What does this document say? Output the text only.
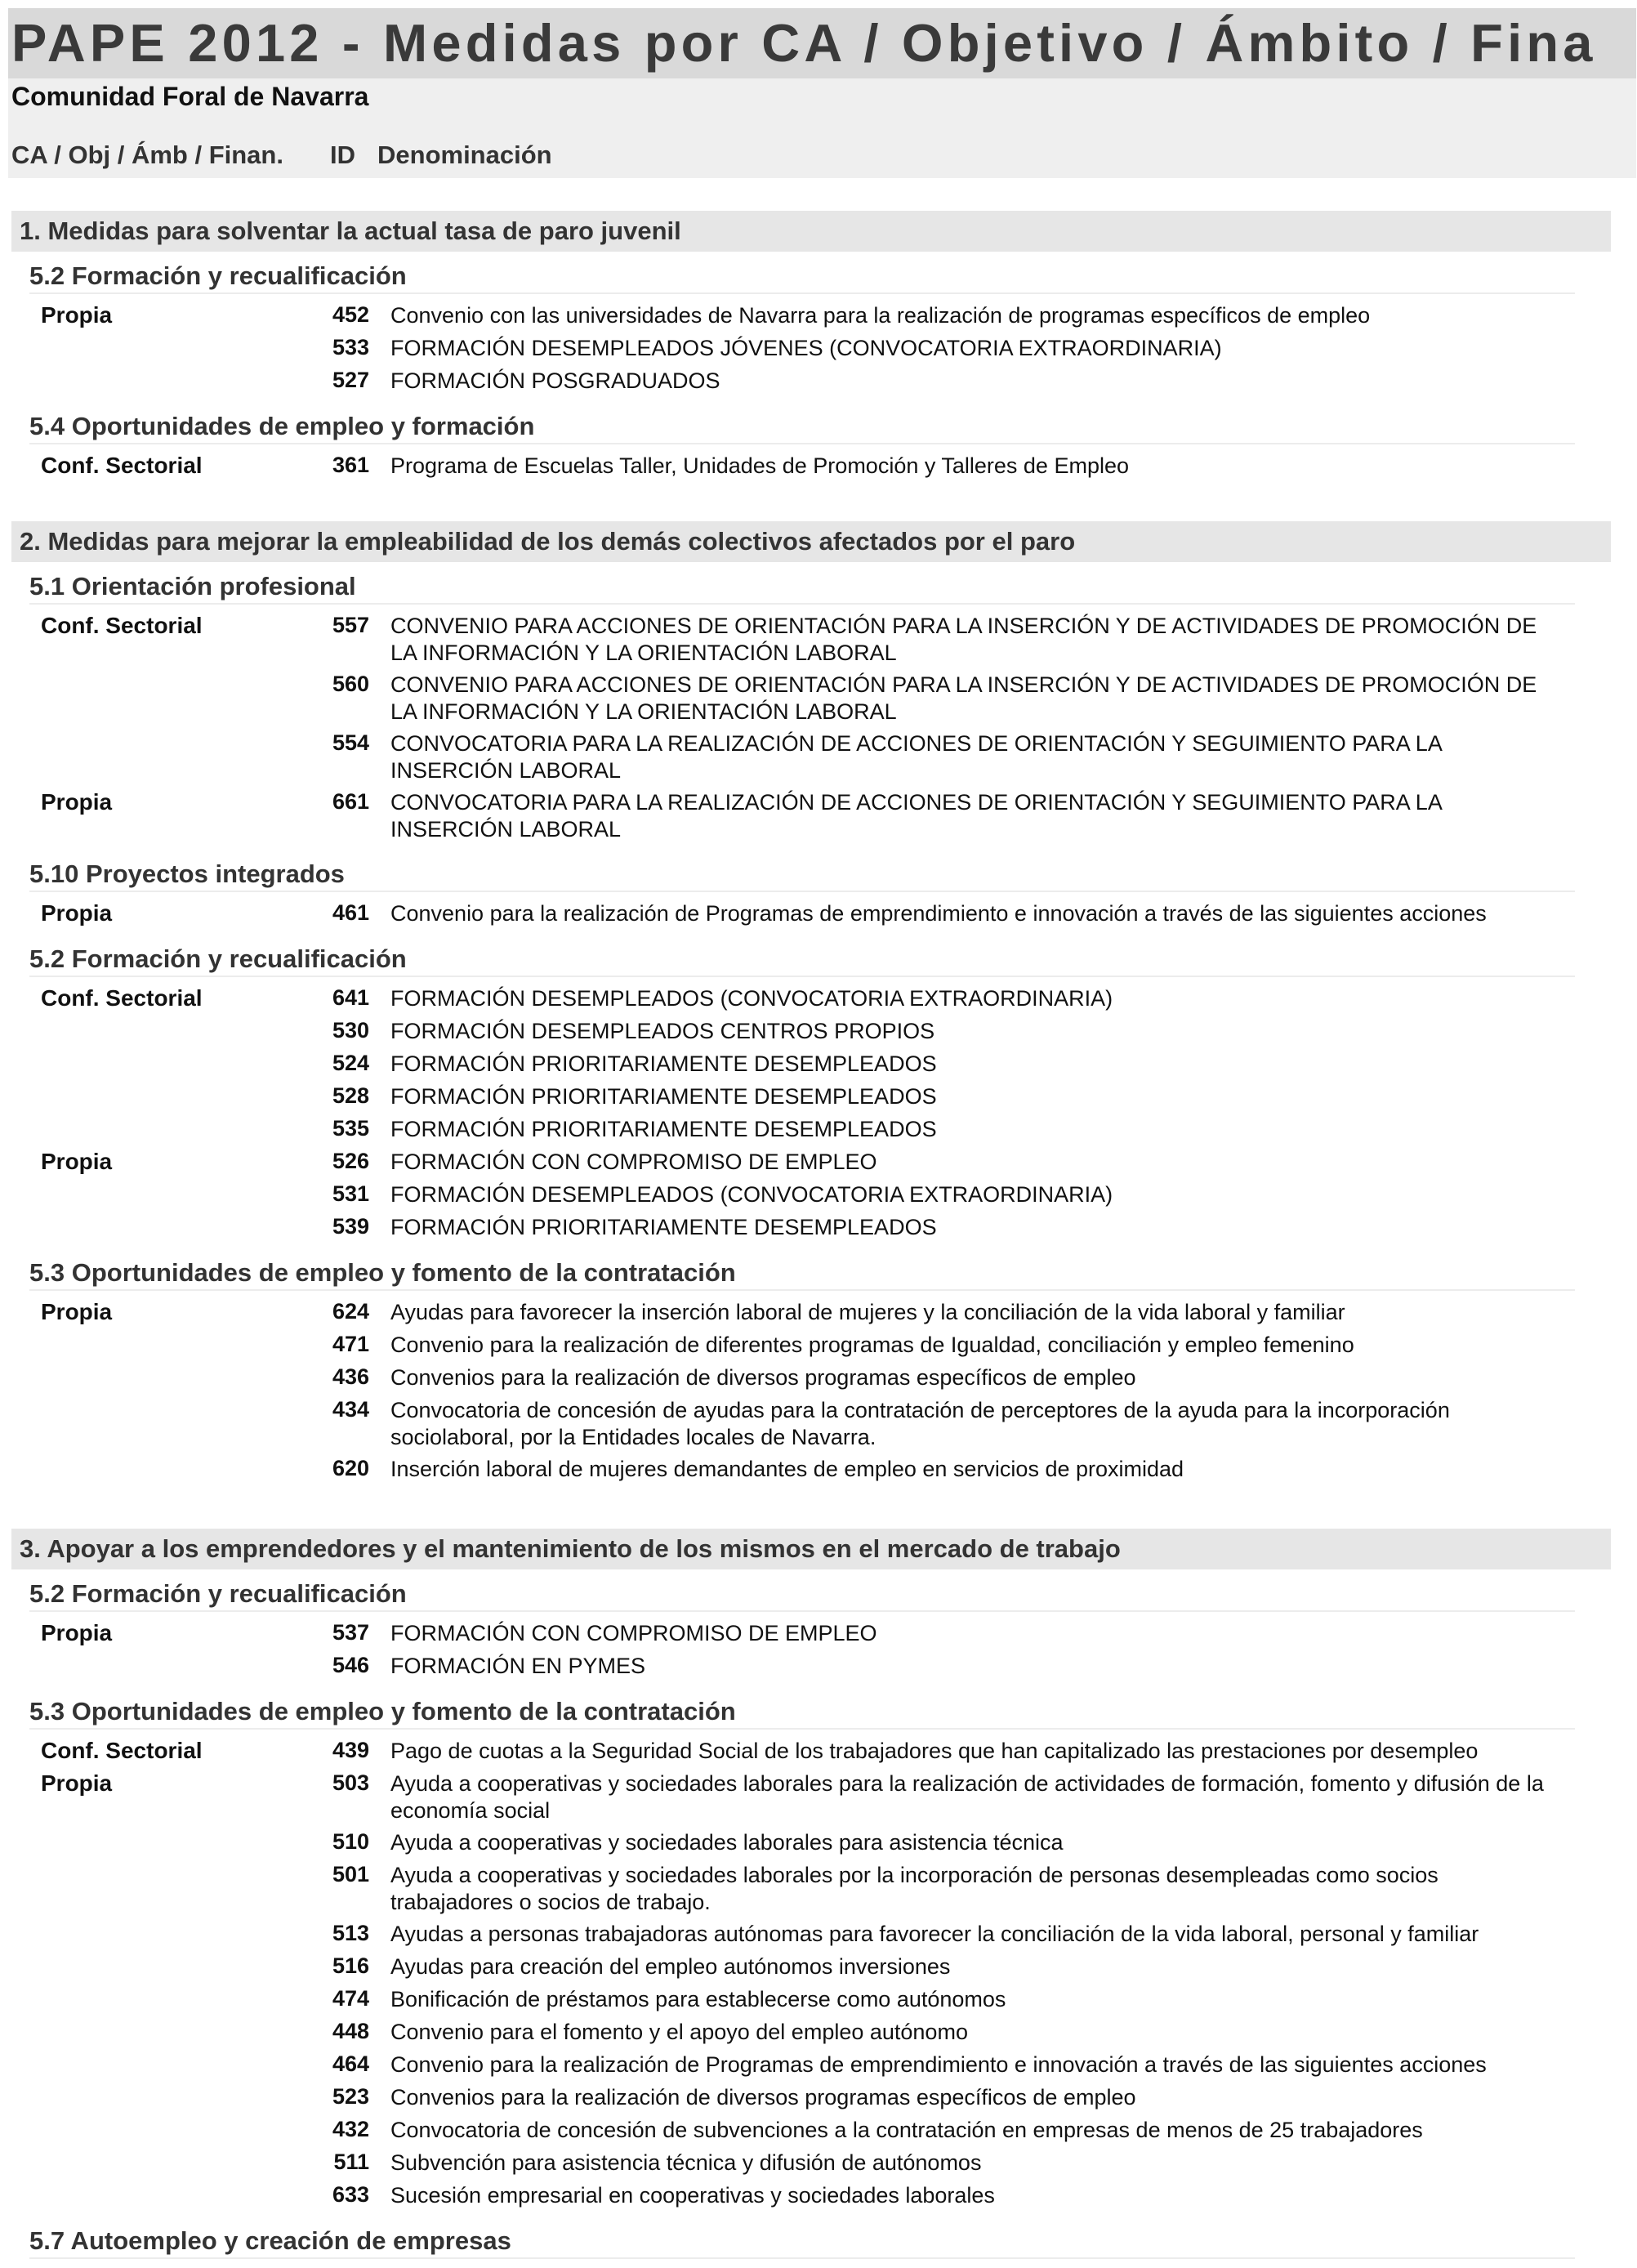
PAPE 2012 - Medidas por CA / Objetivo / Ámbito / Fina
Comunidad Foral de Navarra
CA / Obj / Ámb / Finan. ID Denominación
1. Medidas para solventar la actual tasa de paro juvenil
5.2 Formación y recualificación
Propia	452 Convenio con las universidades de Navarra para la realización de programas específicos de empleo
533 FORMACIÓN DESEMPLEADOS JÓVENES (CONVOCATORIA EXTRAORDINARIA)
527 FORMACIÓN POSGRADUADOS
5.4 Oportunidades de empleo y formación
Conf. Sectorial	361 Programa de Escuelas Taller, Unidades de Promoción y Talleres de Empleo
2. Medidas para mejorar la empleabilidad de los demás colectivos afectados por el paro
5.1 Orientación profesional
Conf. Sectorial	557 CONVENIO PARA ACCIONES DE ORIENTACIÓN PARA LA INSERCIÓN Y DE ACTIVIDADES DE PROMOCIÓN DE LA INFORMACIÓN Y LA ORIENTACIÓN LABORAL
560 CONVENIO PARA ACCIONES DE ORIENTACIÓN PARA LA INSERCIÓN Y DE ACTIVIDADES DE PROMOCIÓN DE LA INFORMACIÓN Y LA ORIENTACIÓN LABORAL
554 CONVOCATORIA PARA LA REALIZACIÓN DE ACCIONES DE ORIENTACIÓN Y SEGUIMIENTO PARA LA INSERCIÓN LABORAL
Propia	661 CONVOCATORIA PARA LA REALIZACIÓN DE ACCIONES DE ORIENTACIÓN Y SEGUIMIENTO PARA LA INSERCIÓN LABORAL
5.10 Proyectos integrados
Propia	461 Convenio para la realización de Programas de emprendimiento e innovación a través de las siguientes acciones
5.2 Formación y recualificación
Conf. Sectorial	641 FORMACIÓN DESEMPLEADOS (CONVOCATORIA EXTRAORDINARIA)
530 FORMACIÓN DESEMPLEADOS CENTROS PROPIOS
524 FORMACIÓN PRIORITARIAMENTE DESEMPLEADOS
528 FORMACIÓN PRIORITARIAMENTE DESEMPLEADOS
535 FORMACIÓN PRIORITARIAMENTE DESEMPLEADOS
Propia	526 FORMACIÓN CON COMPROMISO DE EMPLEO
531 FORMACIÓN DESEMPLEADOS (CONVOCATORIA EXTRAORDINARIA)
539 FORMACIÓN PRIORITARIAMENTE DESEMPLEADOS
5.3 Oportunidades de empleo y fomento de la contratación
Propia	624 Ayudas para favorecer la inserción laboral de mujeres y la conciliación de la vida laboral y familiar
471 Convenio para la realización de diferentes programas de Igualdad, conciliación y empleo femenino
436 Convenios para la realización de diversos programas específicos de empleo
434 Convocatoria de concesión de ayudas para la contratación de perceptores de la ayuda para la incorporación sociolaboral, por la Entidades locales de Navarra.
620 Inserción laboral de mujeres demandantes de empleo en servicios de proximidad
3. Apoyar a los emprendedores y el mantenimiento de los mismos en el mercado de trabajo
5.2 Formación y recualificación
Propia	537 FORMACIÓN CON COMPROMISO DE EMPLEO
546 FORMACIÓN EN PYMES
5.3 Oportunidades de empleo y fomento de la contratación
Conf. Sectorial	439 Pago de cuotas a la Seguridad Social de los trabajadores que han capitalizado las prestaciones por desempleo
Propia	503 Ayuda a cooperativas y sociedades laborales para la realización de actividades de formación, fomento y difusión de la economía social
510 Ayuda a cooperativas y sociedades laborales para asistencia técnica
501 Ayuda a cooperativas y sociedades laborales por la incorporación de personas desempleadas como socios trabajadores o socios de trabajo.
513 Ayudas a personas trabajadoras autónomas para favorecer la conciliación de la vida laboral, personal y familiar
516 Ayudas para creación del empleo autónomos inversiones
474 Bonificación de préstamos para establecerse como autónomos
448 Convenio para el fomento y el apoyo del empleo autónomo
464 Convenio para la realización de Programas de emprendimiento e innovación a través de las siguientes acciones
523 Convenios para la realización de diversos programas específicos de empleo
432 Convocatoria de concesión de subvenciones a la contratación en empresas de menos de 25 trabajadores
511 Subvención para asistencia técnica y difusión de autónomos
633 Sucesión empresarial en cooperativas y sociedades laborales
5.7 Autoempleo y creación de empresas
